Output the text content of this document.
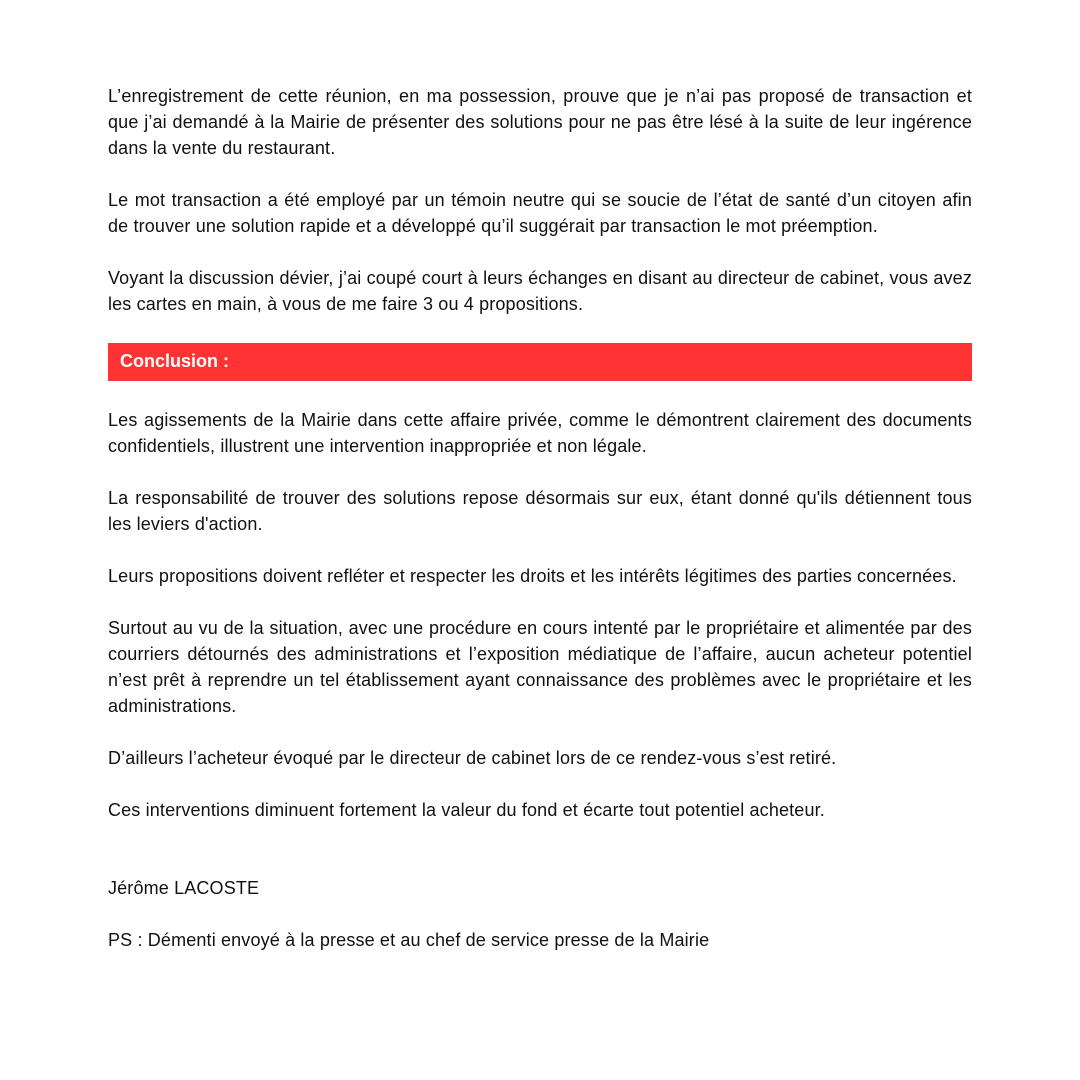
L’enregistrement de cette réunion, en ma possession, prouve que je n’ai pas proposé de transaction et que j’ai demandé à la Mairie de présenter des solutions pour ne pas être lésé à la suite de leur ingérence dans la vente du restaurant.

Le mot transaction a été employé par un témoin neutre qui se soucie de l’état de santé d’un citoyen afin de trouver une solution rapide et a développé qu’il suggérait par transaction le mot préemption.

Voyant la discussion dévier, j’ai coupé court à leurs échanges en disant au directeur de cabinet, vous avez les cartes en main, à vous de me faire 3 ou 4 propositions.

Conclusion :

Les agissements de la Mairie dans cette affaire privée, comme le démontrent clairement des documents confidentiels, illustrent une intervention inappropriée et non légale.

La responsabilité de trouver des solutions repose désormais sur eux, étant donné qu'ils détiennent tous les leviers d'action.

Leurs propositions doivent refléter et respecter les droits et les intérêts légitimes des parties concernées.

Surtout au vu de la situation, avec une procédure en cours intenté par le propriétaire et alimentée par des courriers détournés des administrations et l’exposition médiatique de l’affaire, aucun acheteur potentiel n’est prêt à reprendre un tel établissement ayant connaissance des problèmes avec le propriétaire et les administrations.

D’ailleurs l’acheteur évoqué par le directeur de cabinet lors de ce rendez-vous s’est retiré.

Ces interventions diminuent fortement la valeur du fond et écarte tout potentiel acheteur.

Jérôme LACOSTE

PS : Démenti envoyé à la presse et au chef de service presse de la Mairie
